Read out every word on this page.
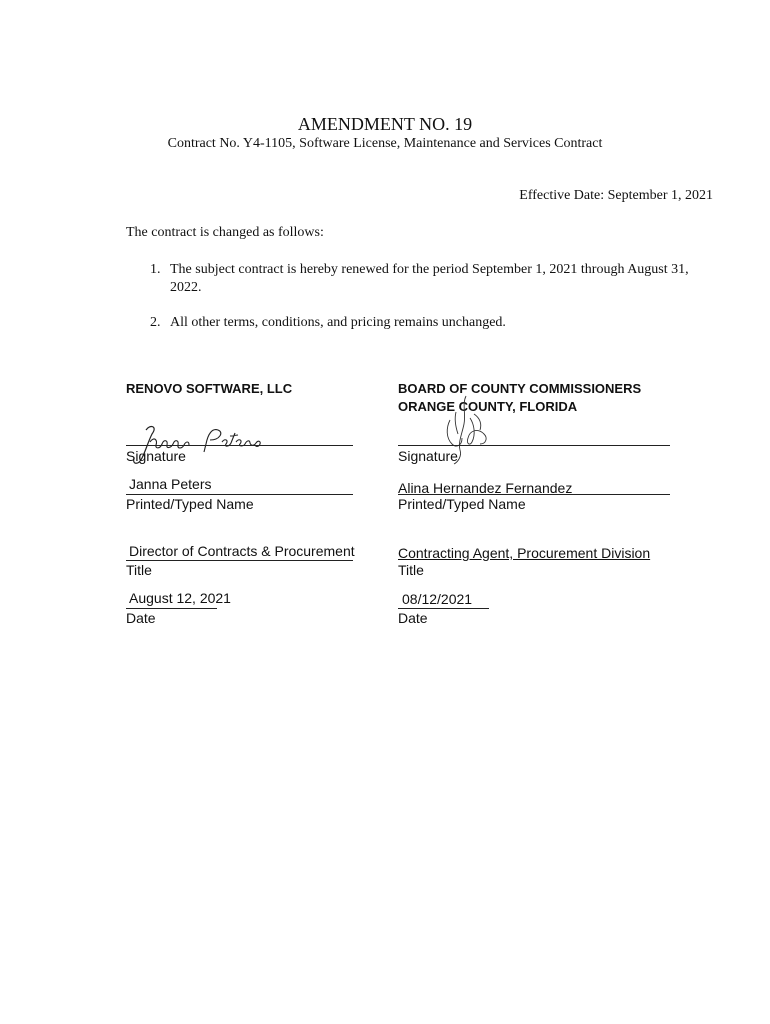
AMENDMENT NO. 19
Contract No. Y4-1105, Software License, Maintenance and Services Contract
Effective Date: September 1, 2021
The contract is changed as follows:
1. The subject contract is hereby renewed for the period September 1, 2021 through August 31, 2022.
2. All other terms, conditions, and pricing remains unchanged.
RENOVO SOFTWARE, LLC
Signature
Janna Peters
Printed/Typed Name
Director of Contracts & Procurement
Title
August 12, 2021
Date
BOARD OF COUNTY COMMISSIONERS
ORANGE COUNTY, FLORIDA
Signature
Alina Hernandez Fernandez
Printed/Typed Name
Contracting Agent, Procurement Division
Title
08/12/2021
Date
